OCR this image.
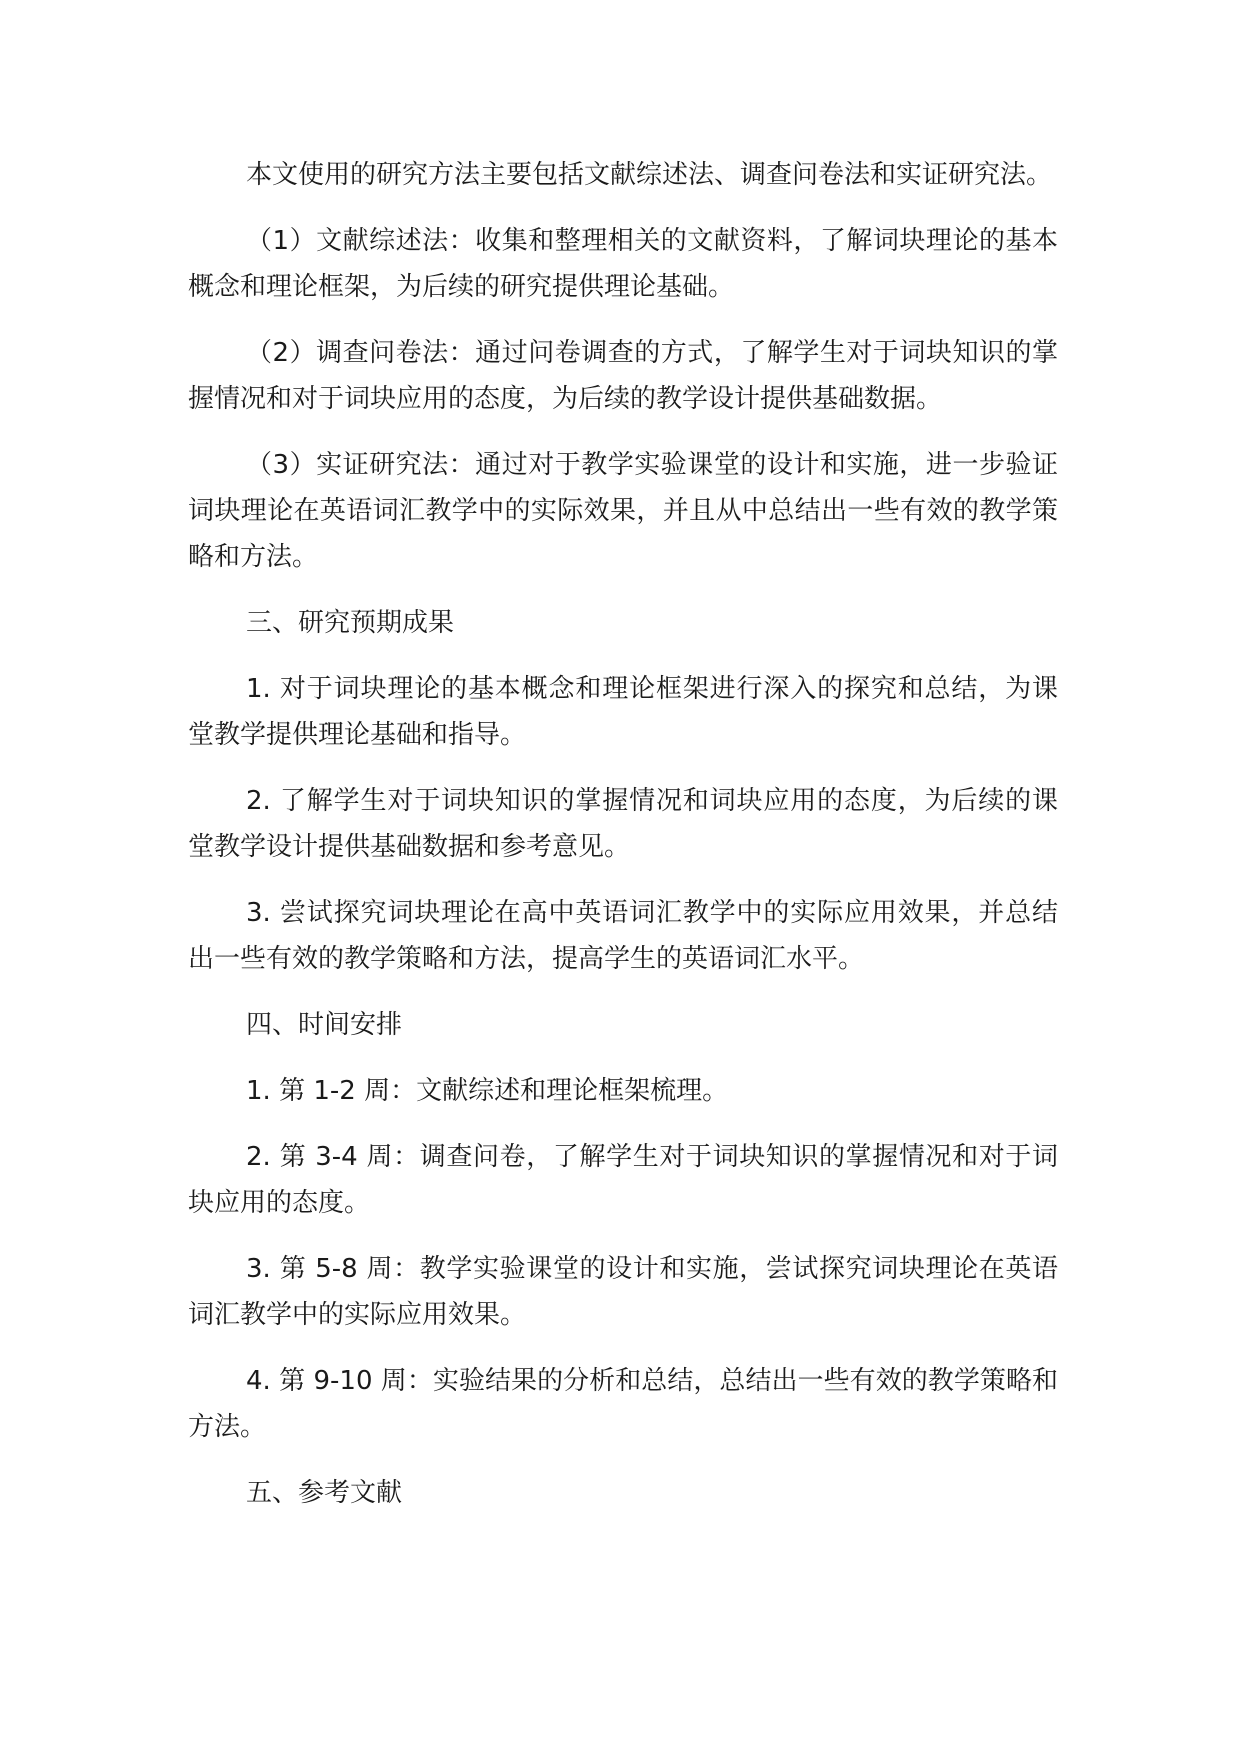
本文使用的研究方法主要包括文献综述法、调查问卷法和实证研究法。

（1）文献综述法：收集和整理相关的文献资料，了解词块理论的基本概念和理论框架，为后续的研究提供理论基础。

（2）调查问卷法：通过问卷调查的方式，了解学生对于词块知识的掌握情况和对于词块应用的态度，为后续的教学设计提供基础数据。

（3）实证研究法：通过对于教学实验课堂的设计和实施，进一步验证词块理论在英语词汇教学中的实际效果，并且从中总结出一些有效的教学策略和方法。

三、研究预期成果

1. 对于词块理论的基本概念和理论框架进行深入的探究和总结，为课堂教学提供理论基础和指导。

2. 了解学生对于词块知识的掌握情况和词块应用的态度，为后续的课堂教学设计提供基础数据和参考意见。

3. 尝试探究词块理论在高中英语词汇教学中的实际应用效果，并总结出一些有效的教学策略和方法，提高学生的英语词汇水平。

四、时间安排

1. 第 1-2 周：文献综述和理论框架梳理。

2. 第 3-4 周：调查问卷，了解学生对于词块知识的掌握情况和对于词块应用的态度。

3. 第 5-8 周：教学实验课堂的设计和实施，尝试探究词块理论在英语词汇教学中的实际应用效果。

4. 第 9-10 周：实验结果的分析和总结，总结出一些有效的教学策略和方法。

五、参考文献
